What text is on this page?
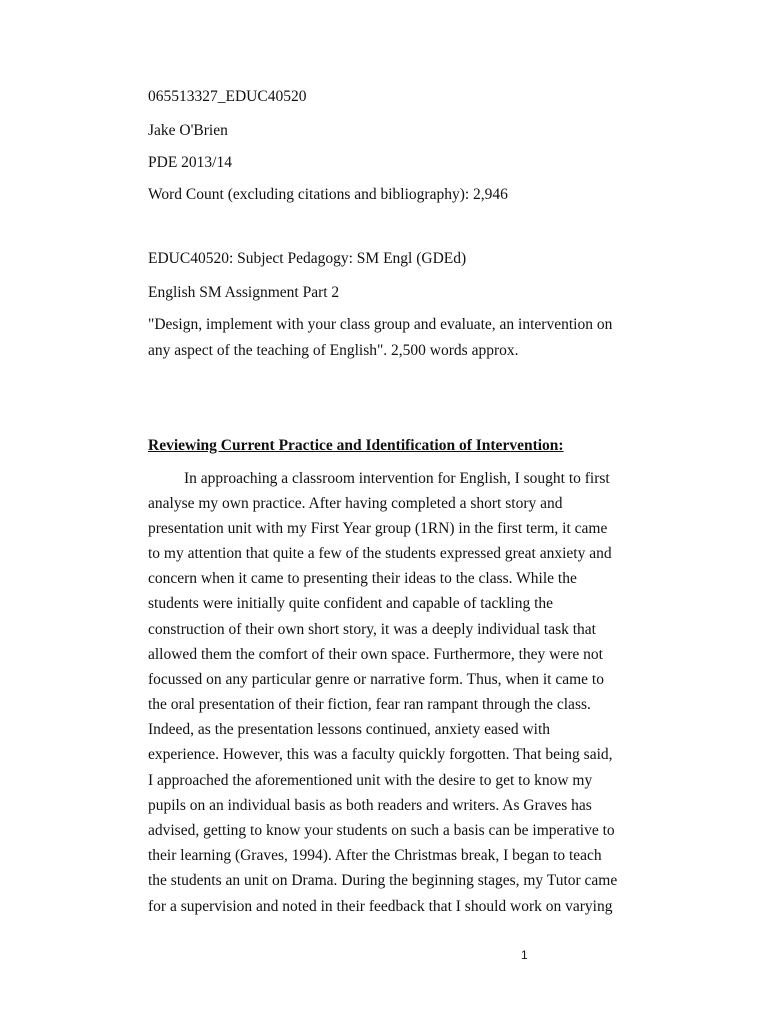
065513327_EDUC40520
Jake O'Brien
PDE 2013/14
Word Count (excluding citations and bibliography): 2,946
EDUC40520: Subject Pedagogy: SM Engl (GDEd)
English SM Assignment Part 2
"Design, implement with your class group and evaluate, an intervention on
any aspect of the teaching of English". 2,500 words approx.
Reviewing Current Practice and Identification of Intervention:
In approaching a classroom intervention for English, I sought to first
analyse my own practice. After having completed a short story and
presentation unit with my First Year group (1RN) in the first term, it came
to my attention that quite a few of the students expressed great anxiety and
concern when it came to presenting their ideas to the class. While the
students were initially quite confident and capable of tackling the
construction of their own short story, it was a deeply individual task that
allowed them the comfort of their own space. Furthermore, they were not
focussed on any particular genre or narrative form. Thus, when it came to
the oral presentation of their fiction, fear ran rampant through the class.
Indeed, as the presentation lessons continued, anxiety eased with
experience. However, this was a faculty quickly forgotten. That being said,
I approached the aforementioned unit with the desire to get to know my
pupils on an individual basis as both readers and writers. As Graves has
advised, getting to know your students on such a basis can be imperative to
their learning (Graves, 1994). After the Christmas break, I began to teach
the students an unit on Drama. During the beginning stages, my Tutor came
for a supervision and noted in their feedback that I should work on varying
1
